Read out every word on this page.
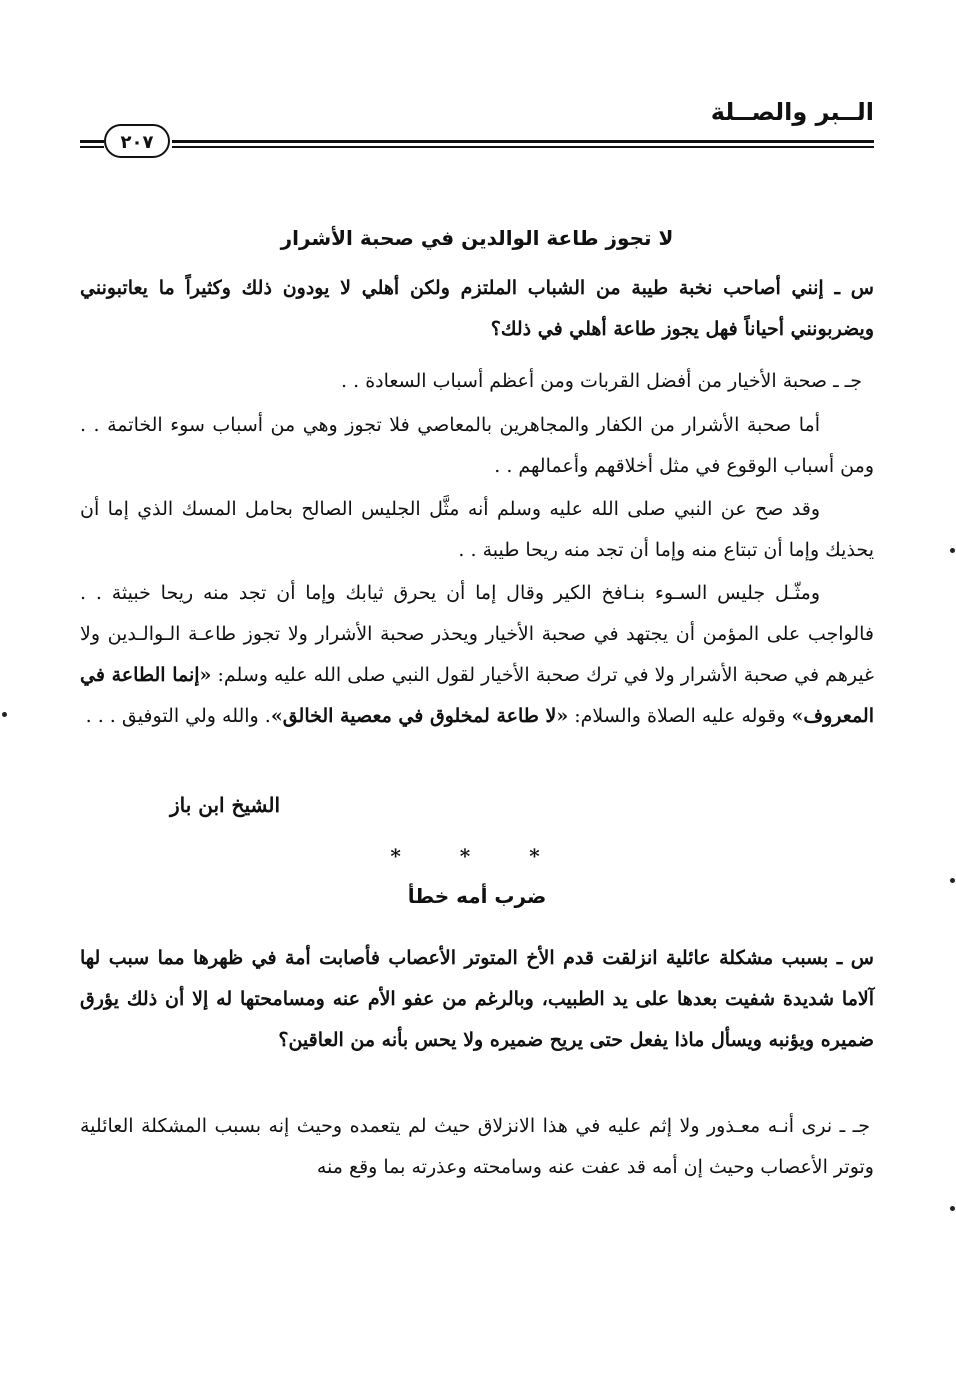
الــبر والصــلة
٢٠٧
لا تجوز طاعة الوالدين في صحبة الأشرار
س ـ إنني أصاحب نخبة طيبة من الشباب الملتزم ولكن أهلي لا يودون ذلك وكثيراً ما يعاتبونني ويضربونني أحياناً فهل يجوز طاعة أهلي في ذلك؟
جـ ـ صحبة الأخيار من أفضل القربات ومن أعظم أسباب السعادة . .
أما صحبة الأشرار من الكفار والمجاهرين بالمعاصي فلا تجوز وهي من أسباب سوء الخاتمة . . ومن أسباب الوقوع في مثل أخلاقهم وأعمالهم . .
وقد صح عن النبي صلى الله عليه وسلم أنه مثَّل الجليس الصالح بحامل المسك الذي إما أن يحذيك وإما أن تبتاع منه وإما أن تجد منه ريحا طيبة . .
ومثّـل جليس السـوء بنـافخ الكير وقال إما أن يحرق ثيابك وإما أن تجد منه ريحا خبيثة . . فالواجب على المؤمن أن يجتهد في صحبة الأخيار ويحذر صحبة الأشرار ولا تجوز طاعـة الـوالـدين ولا غيرهم في صحبة الأشرار ولا في ترك صحبة الأخيار لقول النبي صلى الله عليه وسلم: «إنما الطاعة في المعروف» وقوله عليه الصلاة والسلام: «لا طاعة لمخلوق في معصية الخالق». والله ولي التوفيق . . .
الشيخ ابن باز
* * *
ضرب أمه خطأ
س ـ بسبب مشكلة عائلية انزلقت قدم الأخ المتوتر الأعصاب فأصابت أمة في ظهرها مما سبب لها آلاما شديدة شفيت بعدها على يد الطبيب، وبالرغم من عفو الأم عنه ومسامحتها له إلا أن ذلك يؤرق ضميره ويؤنبه ويسأل ماذا يفعل حتى يريح ضميره ولا يحس بأنه من العاقين؟
جـ ـ نرى أنـه معـذور ولا إثم عليه في هذا الانزلاق حيث لم يتعمده وحيث إنه بسبب المشكلة العائلية وتوتر الأعصاب وحيث إن أمه قد عفت عنه وسامحته وعذرته بما وقع منه
